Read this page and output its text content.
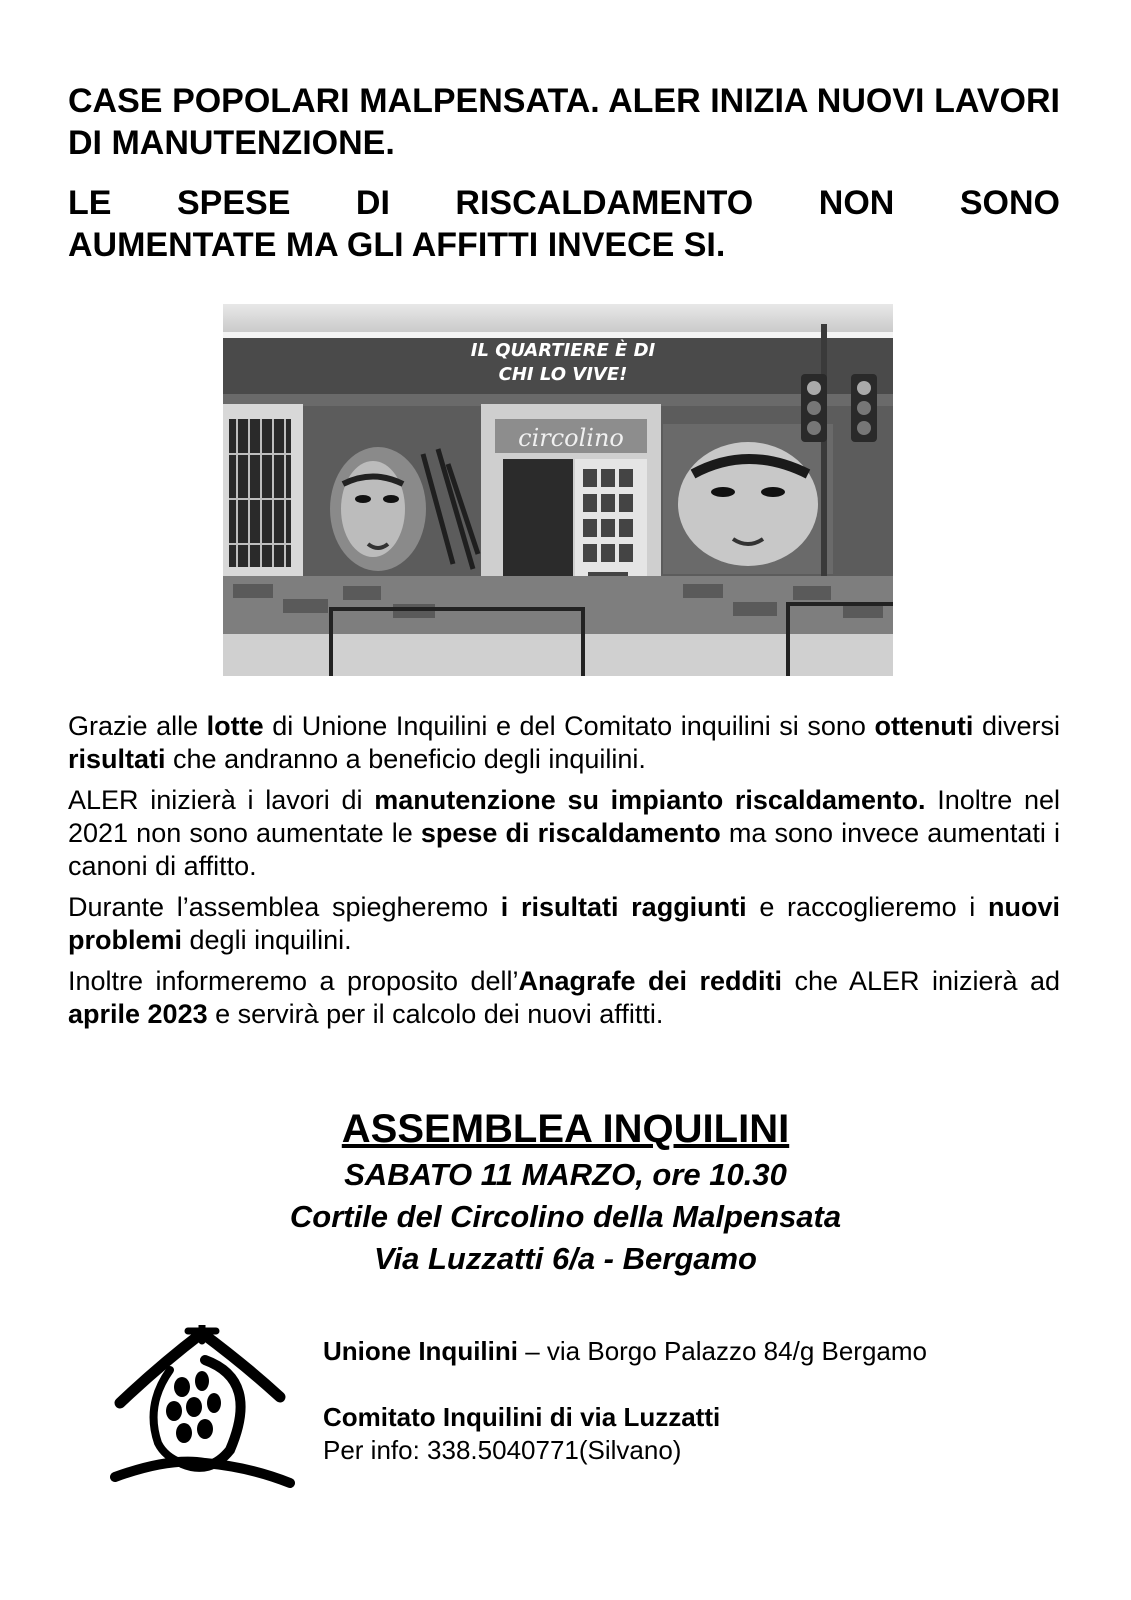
CASE POPOLARI MALPENSATA. ALER INIZIA NUOVI LAVORI DI MANUTENZIONE.
LE SPESE DI RISCALDAMENTO NON SONO
AUMENTATE MA GLI AFFITTI INVECE SI.
circolino
IL QUARTIERE È DI
CHI LO VIVE!

Grazie alle lotte di Unione Inquilini e del Comitato inquilini si sono ottenuti diversi risultati che andranno a beneficio degli inquilini.

ALER inizierà i lavori di manutenzione su impianto riscaldamento. Inoltre nel 2021 non sono aumentate le spese di riscaldamento ma sono invece aumentati i canoni di affitto.

Durante l’assemblea spiegheremo i risultati raggiunti e raccoglieremo i nuovi problemi degli inquilini.

Inoltre informeremo a proposito dell’Anagrafe dei redditi che ALER inizierà ad aprile 2023 e servirà per il calcolo dei nuovi affitti.

ASSEMBLEA INQUILINI
SABATO 11 MARZO, ore 10.30
Cortile del Circolino della Malpensata
Via Luzzatti 6/a - Bergamo
Unione Inquilini – via Borgo Palazzo 84/g Bergamo
Comitato Inquilini di via Luzzatti
Per info: 338.5040771(Silvano)
